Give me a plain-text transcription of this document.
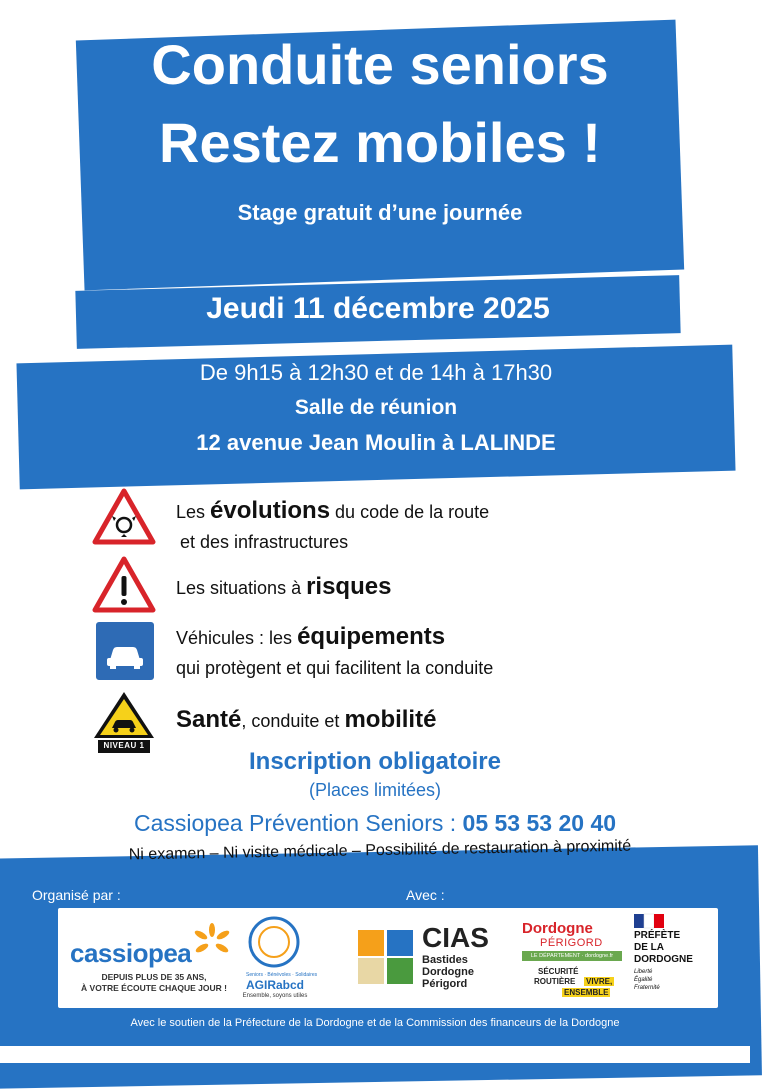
Conduite seniors
Restez mobiles !
Stage gratuit d’une journée
Jeudi 11 décembre 2025
De 9h15 à 12h30 et de 14h à 17h30
Salle de réunion
12 avenue Jean Moulin à LALINDE
Les évolutions du code de la route
et des infrastructures
Les situations à risques
Véhicules : les équipements
qui protègent et qui facilitent la conduite
NIVEAU 1
Santé, conduite et mobilité
Inscription obligatoire
(Places limitées)
Cassiopea Prévention Seniors : 05 53 53 20 40
Ni examen – Ni visite médicale – Possibilité de restauration à proximité
Organisé par :	Avec :
cassiopea
DEPUIS PLUS DE 35 ANS,
À VOTRE ÉCOUTE CHAQUE JOUR !
Seniors · Bénévoles · Solidaires
AGIRabcd
Ensemble, soyons utiles
CIAS
Bastides
Dordogne
Périgord
Dordogne
PÉRIGORD
LE DÉPARTEMENT · dordogne.fr
SÉCURITÉ
ROUTIÈRE VIVRE,
ENSEMBLE
PRÉFÈTE
DE LA
DORDOGNE
Liberté
Égalité
Fraternité
Avec le soutien de la Préfecture de la Dordogne et de la Commission des financeurs de la Dordogne
